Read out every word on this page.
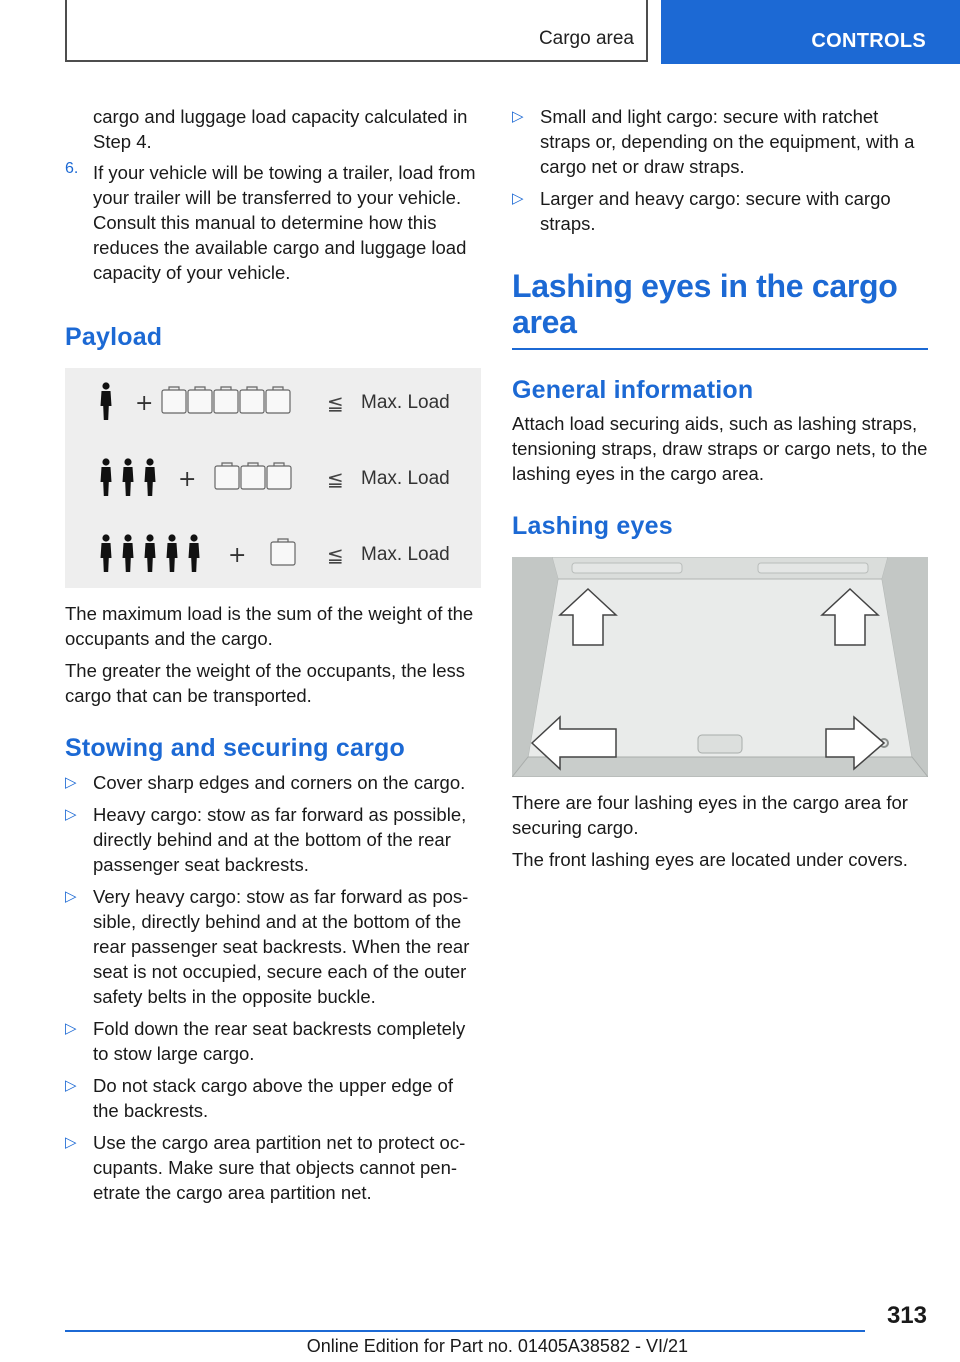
Cargo area	CONTROLS

cargo and luggage load capacity calculated in Step 4.

6. If your vehicle will be towing a trailer, load from your trailer will be transferred to your vehicle. Consult this manual to determine how this reduces the available cargo and luggage load capacity of your vehicle.

Payload
+	≦ Max. Load
+	≦ Max. Load
+	≦ Max. Load

The maximum load is the sum of the weight of the occupants and the cargo.

The greater the weight of the occupants, the less cargo that can be transported.

Stowing and securing cargo
▷ Cover sharp edges and corners on the cargo.
▷ Heavy cargo: stow as far forward as possible, directly behind and at the bottom of the rear passenger seat backrests.
▷ Very heavy cargo: stow as far forward as possible, directly behind and at the bottom of the rear passenger seat backrests. When the rear seat is not occupied, secure each of the outer safety belts in the opposite buckle.
▷ Fold down the rear seat backrests completely to stow large cargo.
▷ Do not stack cargo above the upper edge of the backrests.
▷ Use the cargo area partition net to protect occupants. Make sure that objects cannot penetrate the cargo area partition net.
▷ Small and light cargo: secure with ratchet straps or, depending on the equipment, with a cargo net or draw straps.
▷ Larger and heavy cargo: secure with cargo straps.
Lashing eyes in the cargo area
General information

Attach load securing aids, such as lashing straps, tensioning straps, draw straps or cargo nets, to the lashing eyes in the cargo area.

Lashing eyes

There are four lashing eyes in the cargo area for securing cargo.

The front lashing eyes are located under covers.

313
Online Edition for Part no. 01405A38582 - VI/21
